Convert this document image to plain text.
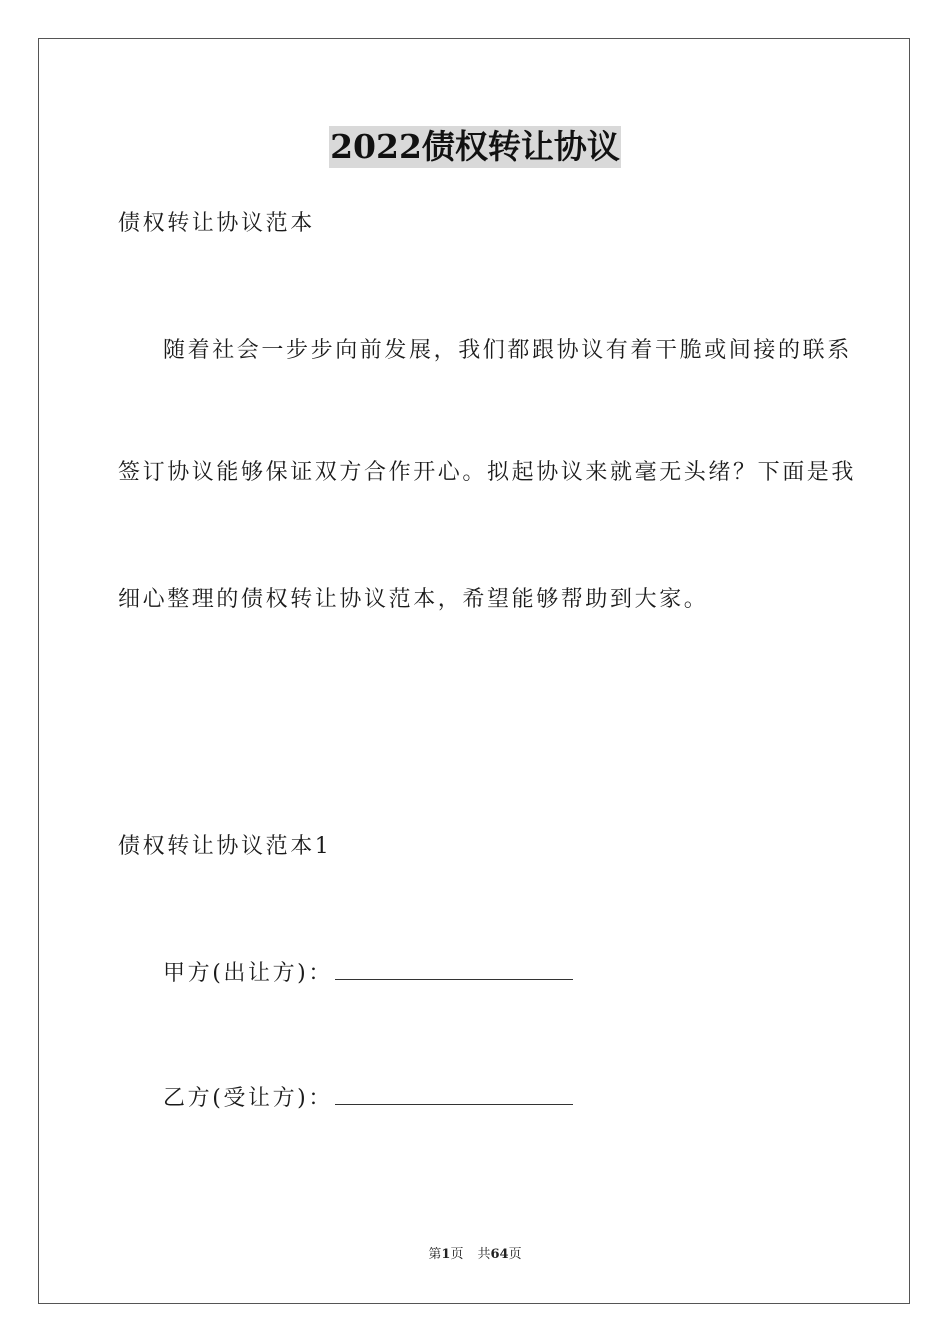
2022债权转让协议
债权转让协议范本
随着社会一步步向前发展，我们都跟协议有着干脆或间接的联系
签订协议能够保证双方合作开心。拟起协议来就毫无头绪？下面是我
细心整理的债权转让协议范本，希望能够帮助到大家。
债权转让协议范本1
甲方(出让方)：
乙方(受让方)：
第1页 共64页
